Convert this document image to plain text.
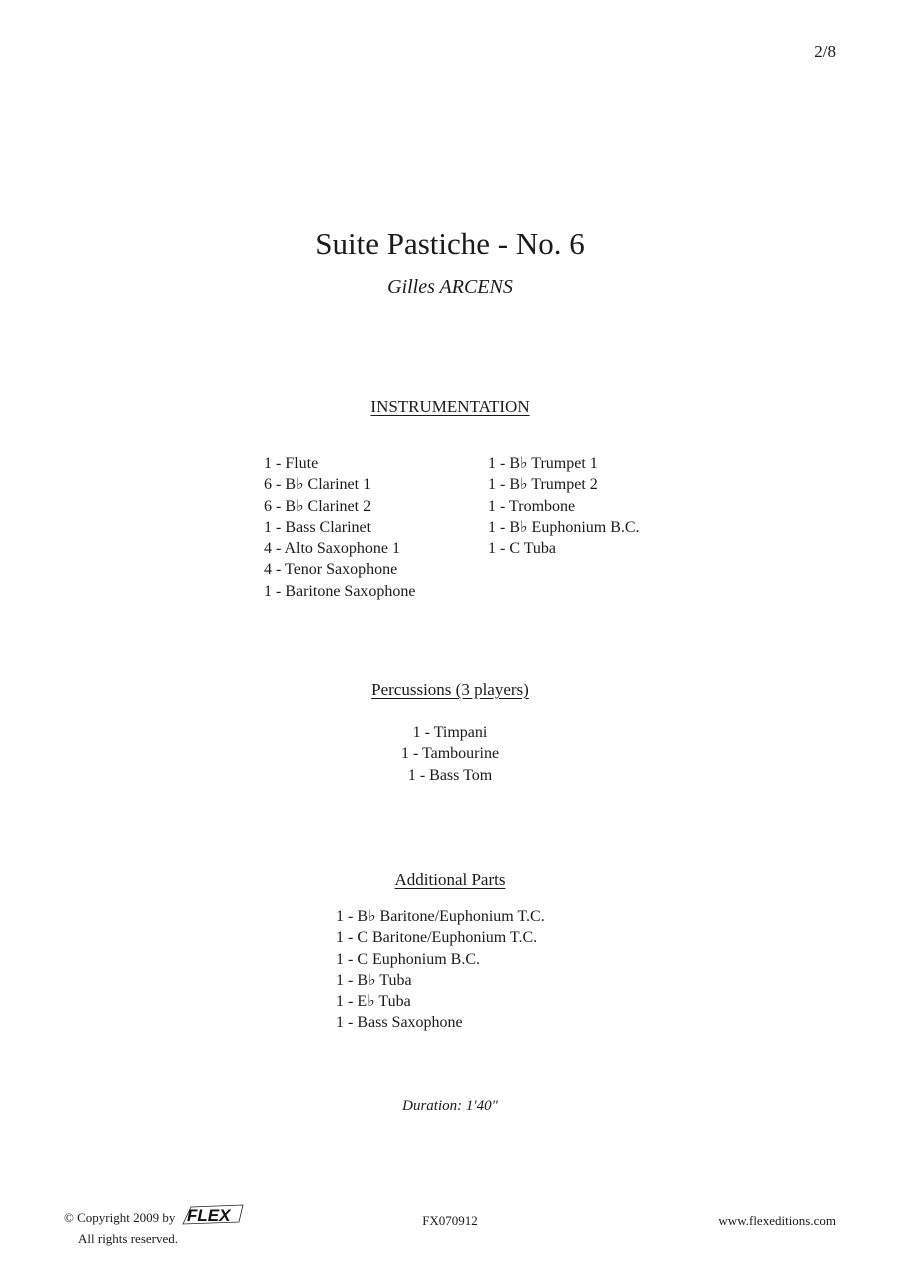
2/8
Suite Pastiche - No. 6
Gilles ARCENS
INSTRUMENTATION
1 - Flute
6 - B♭ Clarinet 1
6 - B♭ Clarinet 2
1 - Bass Clarinet
4 - Alto Saxophone 1
4 - Tenor Saxophone
1 - Baritone Saxophone
1 - B♭ Trumpet 1
1 - B♭ Trumpet 2
1 - Trombone
1 - B♭ Euphonium B.C.
1 - C Tuba
Percussions (3 players)
1 - Timpani
1 - Tambourine
1 - Bass Tom
Additional Parts
1 - B♭ Baritone/Euphonium T.C.
1 - C Baritone/Euphonium T.C.
1 - C Euphonium B.C.
1 - B♭ Tuba
1 - E♭ Tuba
1 - Bass Saxophone
Duration: 1'40"
© Copyright 2009 by FLEX
All rights reserved.
FX070912	www.flexeditions.com
